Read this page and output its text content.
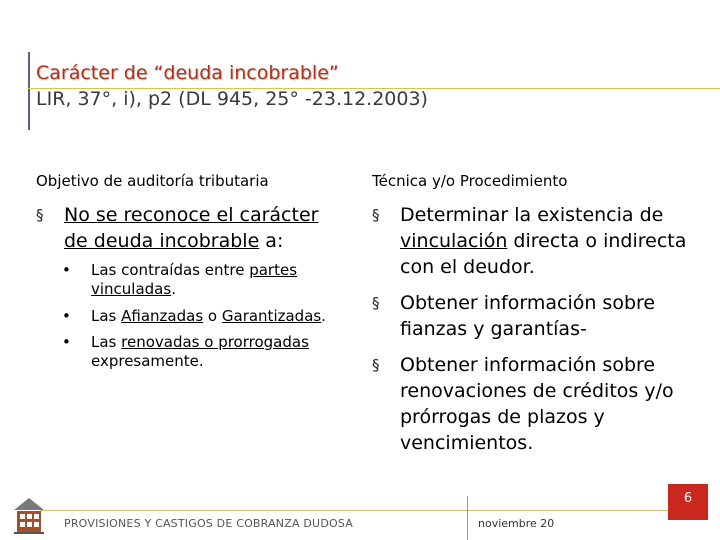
Carácter de “deuda incobrable”
LIR, 37°, i), p2 (DL 945, 25° -23.12.2003)
Objetivo de auditoría tributaria	Técnica y/o Procedimiento
§	No se reconoce el carácter de deuda incobrable a:
•	Las contraídas entre partes vinculadas.
•	Las Afianzadas o Garantizadas.
•	Las renovadas o prorrogadas expresamente.
§	Determinar la existencia de vinculación directa o indirecta con el deudor.
§	Obtener información sobre fianzas y garantías-
§	Obtener información sobre renovaciones de créditos y/o prórrogas de plazos y vencimientos.
PROVISIONES Y CASTIGOS DE COBRANZA DUDOSA	noviembre 20
6
